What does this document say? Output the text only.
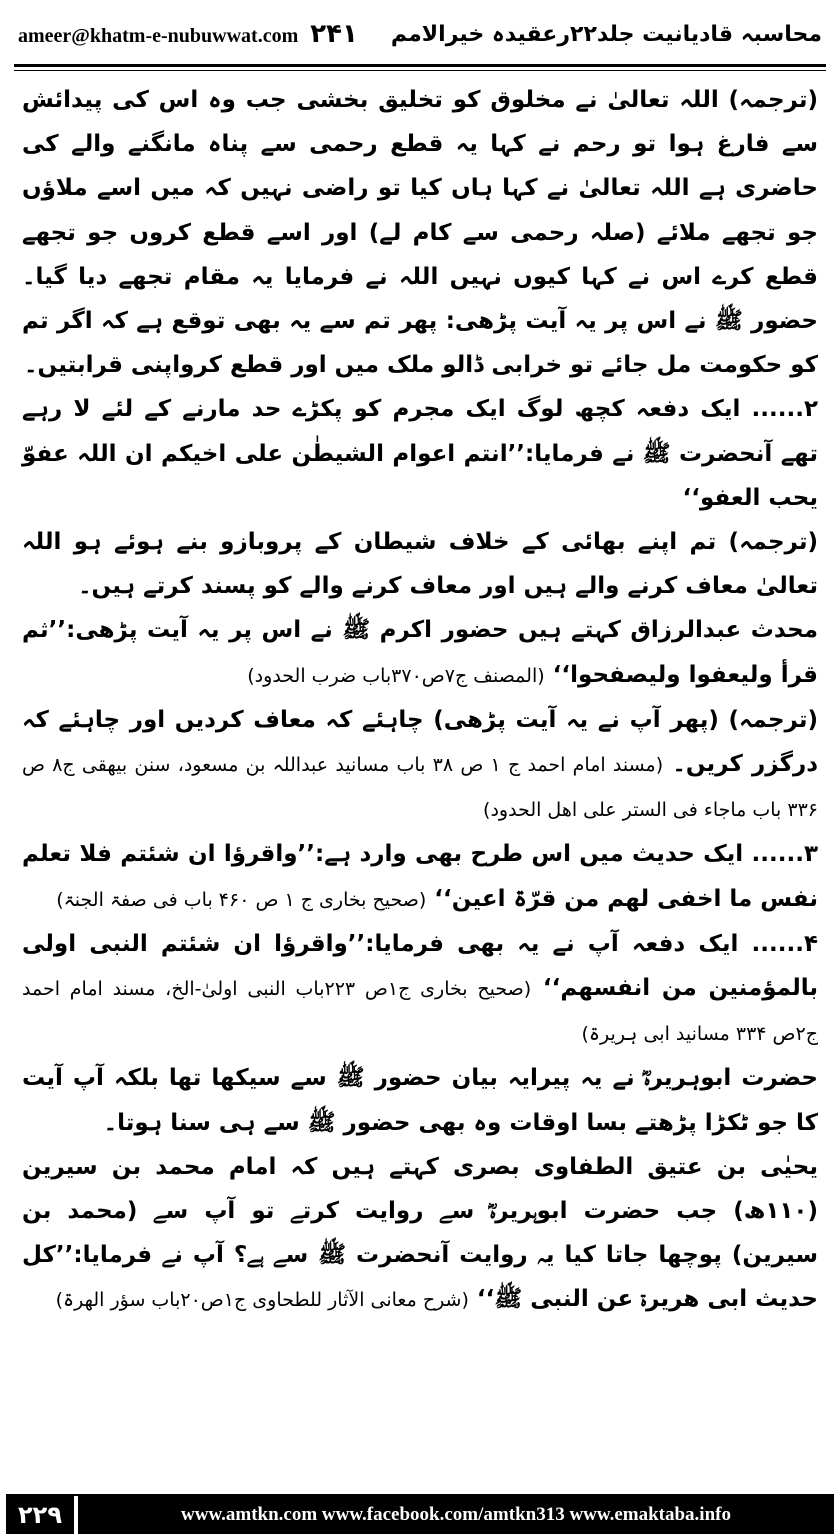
ameer@khatm-e-nubuwwat.com ۲۴۱ محاسبہ قادیانیت جلد۲۲رعقیدہ خیرالامم

(ترجمہ) اللہ تعالیٰ نے مخلوق کو تخلیق بخشی جب وہ اس کی پیدائش سے فارغ ہوا تو رحم نے کہا یہ قطع رحمی سے پناہ مانگنے والے کی حاضری ہے اللہ تعالیٰ نے کہا ہاں کیا تو راضی نہیں کہ میں اسے ملاؤں جو تجھے ملائے (صلہ رحمی سے کام لے) اور اسے قطع کروں جو تجھے قطع کرے اس نے کہا کیوں نہیں اللہ نے فرمایا یہ مقام تجھے دیا گیا۔ حضور ﷺ نے اس پر یہ آیت پڑھی: پھر تم سے یہ بھی توقع ہے کہ اگر تم کو حکومت مل جائے تو خرابی ڈالو ملک میں اور قطع کرواپنی قرابتیں۔

۲...... ایک دفعہ کچھ لوگ ایک مجرم کو پکڑے حد مارنے کے لئے لا رہے تھے آنحضرت ﷺ نے فرمایا:’’انتم اعوام الشیطٰن علی اخیکم ان اللہ عفوّ یحب العفو‘‘

(ترجمہ) تم اپنے بھائی کے خلاف شیطان کے پروبازو بنے ہوئے ہو اللہ تعالیٰ معاف کرنے والے ہیں اور معاف کرنے والے کو پسند کرتے ہیں۔

محدث عبدالرزاق کہتے ہیں حضور اکرم ﷺ نے اس پر یہ آیت پڑھی:’’ثم قرأ ولیعفوا ولیصفحوا‘‘ (المصنف ج۷ص۳۷۰باب ضرب الحدود)

(ترجمہ) (پھر آپ نے یہ آیت پڑھی) چاہئے کہ معاف کردیں اور چاہئے کہ درگزر کریں۔ (مسند امام احمد ج ۱ ص ۳۸ باب مسانید عبداللہ بن مسعود، سنن بیھقی ج۸ ص ۳۳۶ باب ماجاء فی الستر علی اھل الحدود)

۳...... ایک حدیث میں اس طرح بھی وارد ہے:’’واقرؤا ان شئتم فلا تعلم نفس ما اخفی لھم من قرّۃ اعین‘‘ (صحیح بخاری ج ۱ ص ۴۶۰ باب فی صفۃ الجنۃ)

۴...... ایک دفعہ آپ نے یہ بھی فرمایا:’’واقرؤا ان شئتم النبی اولی بالمؤمنین من انفسھم‘‘ (صحیح بخاری ج۱ص ۲۲۳باب النبی اولیٰ-الخ، مسند امام احمد ج۲ص ۳۳۴ مسانید ابی ہریرۃ)

حضرت ابوہریرہؓ نے یہ پیرایہ بیان حضور ﷺ سے سیکھا تھا بلکہ آپ آیت کا جو ٹکڑا پڑھتے بسا اوقات وہ بھی حضور ﷺ سے ہی سنا ہوتا۔

یحیٰی بن عتیق الطفاوی بصری کہتے ہیں کہ امام محمد بن سیرین (۱۱۰ھ) جب حضرت ابوہریرہؓ سے روایت کرتے تو آپ سے (محمد بن سیرین) پوچھا جاتا کیا یہ روایت آنحضرت ﷺ سے ہے؟ آپ نے فرمایا:’’کل حدیث ابی ھریرۃ عن النبی ﷺ‘‘ (شرح معانی الآثار للطحاوی ج۱ص۲۰باب سؤر الھرۃ)

۲۲۹	www.amtkn.com www.facebook.com/amtkn313 www.emaktaba.info
